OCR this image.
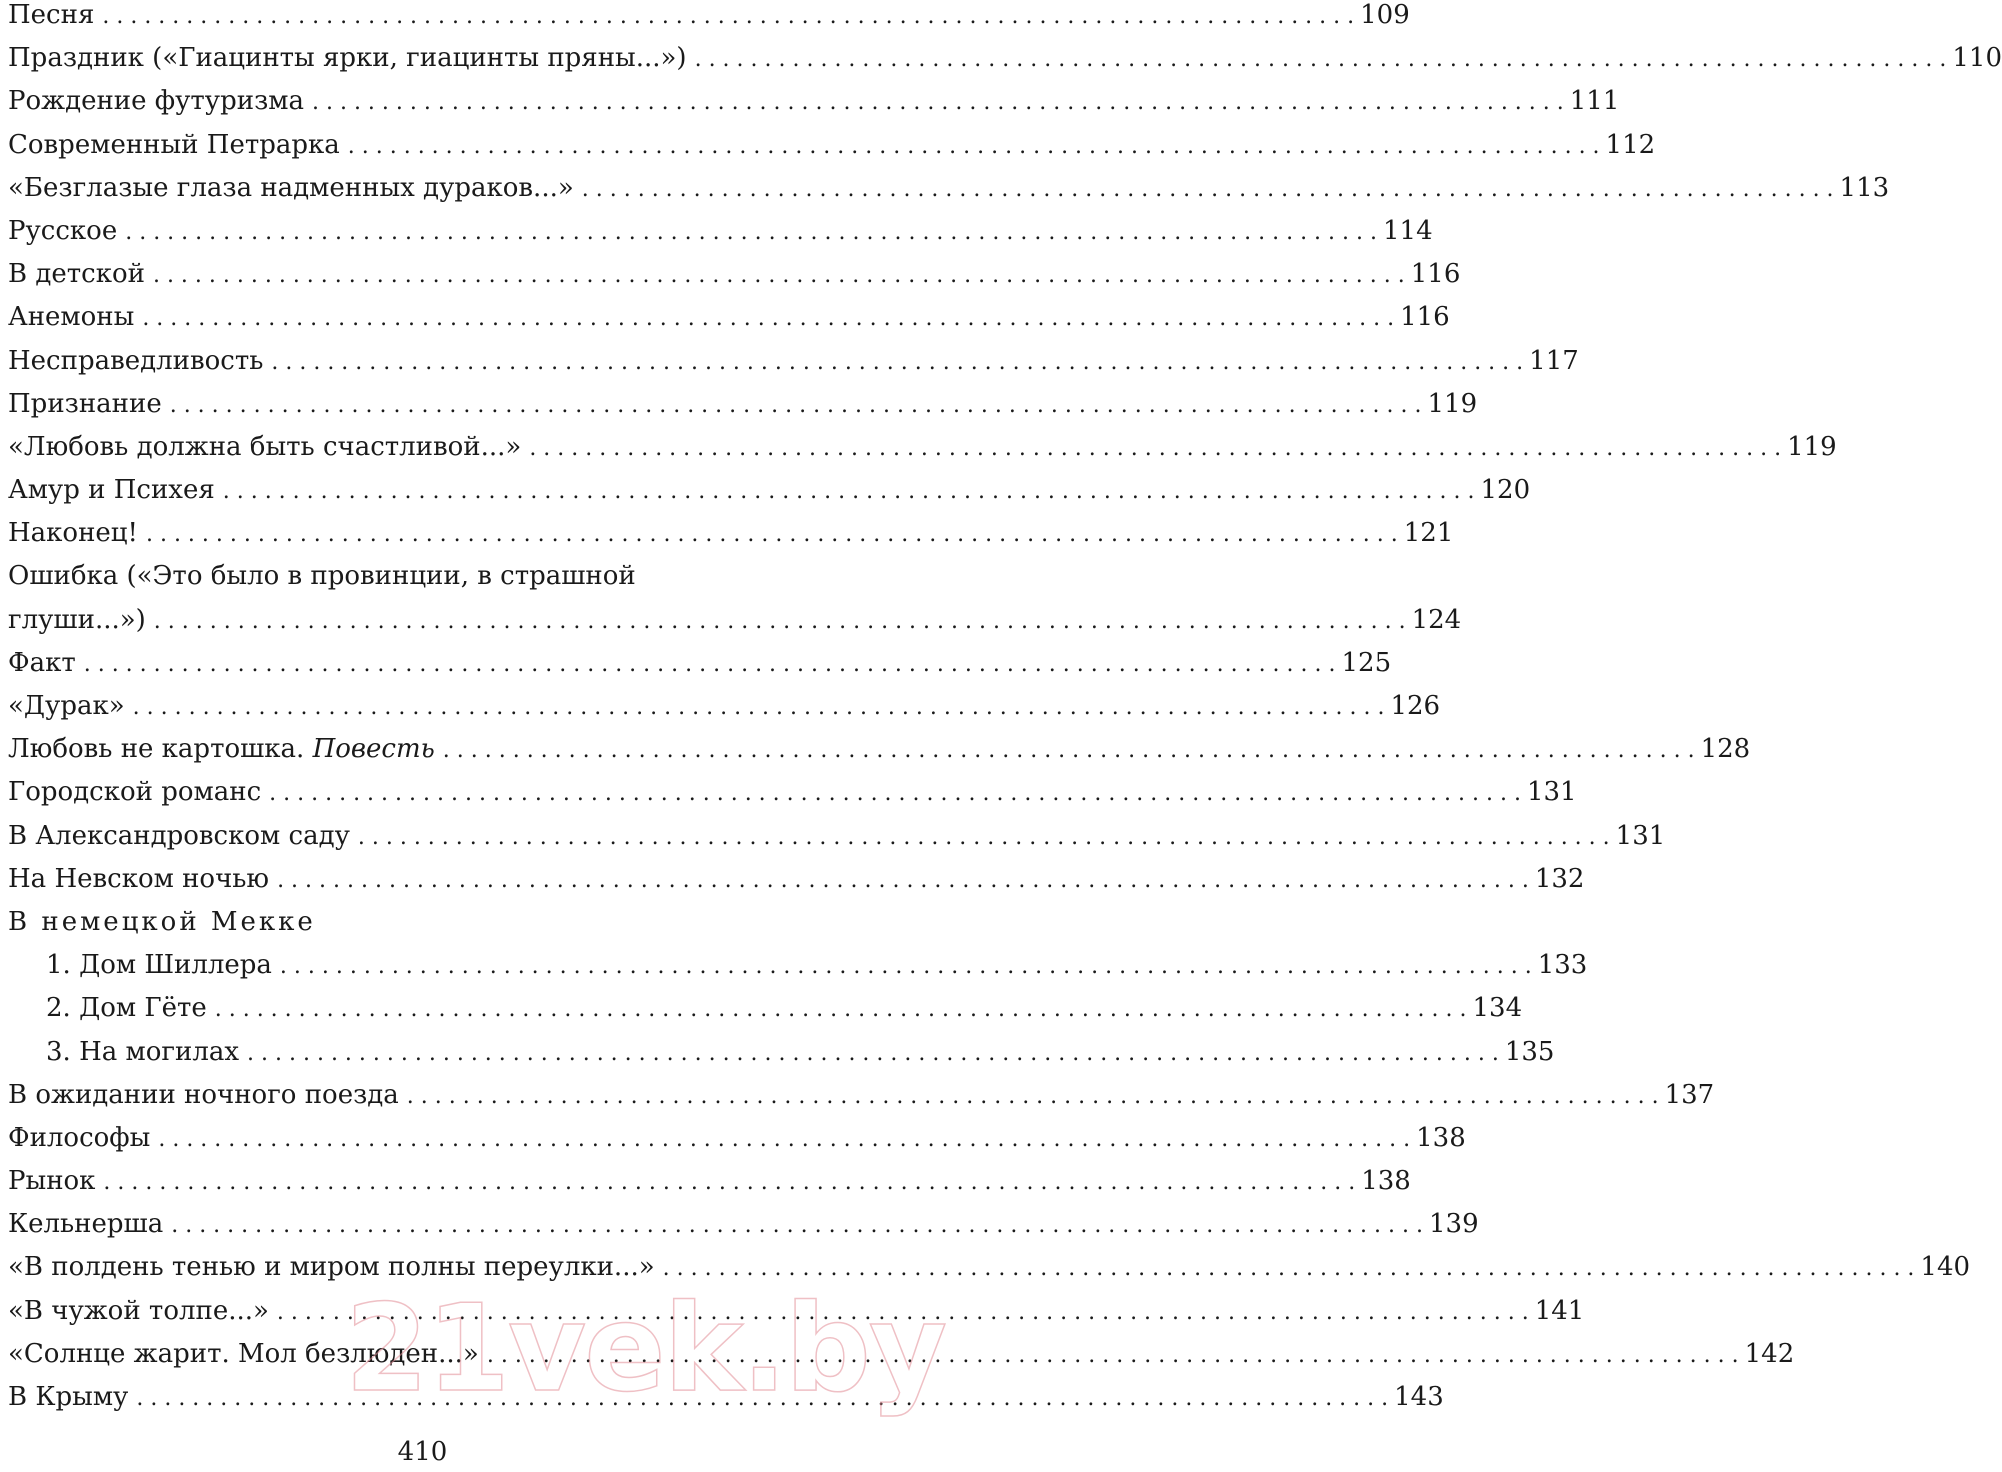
Песня . . .	109
Праздник («Гиацинты ярки, гиацинты пряны...») . . .	110
Рождение футуризма . . .	111
Современный Петрарка . . .	112
«Безглазые глаза надменных дураков...» . . .	113
Русское . . .	114
В детской . . .	116
Анемоны . . .	116
Несправедливость . . .	117
Признание . . .	119
«Любовь должна быть счастливой...» . . .	119
Амур и Психея . . .	120
Наконец! . . .	121
Ошибка («Это было в провинции, в страшной
глуши...») . . .	124
Факт . . .	125
«Дурак» . . .	126
Любовь не картошка. Повесть . . .	128
Городской романс . . .	131
В Александровском саду . . .	131
На Невском ночью . . .	132
В немецкой Мекке
1. Дом Шиллера . . .	133
2. Дом Гёте . . .	134
3. На могилах . . .	135
В ожидании ночного поезда . . .	137
Философы . . .	138
Рынок . . .	138
Кельнерша . . .	139
«В полдень тенью и миром полны переулки...» . . .	140
«В чужой толпе...» . . .	141
«Солнце жарит. Мол безлюден...» . . .	142
В Крыму . . .	143
21vek.by
410
